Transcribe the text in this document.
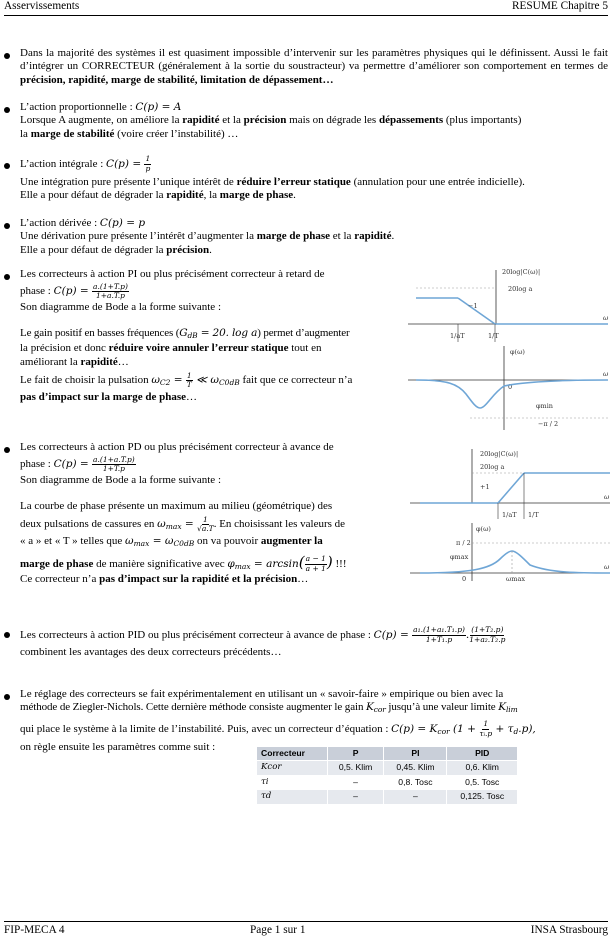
Asservissements	RESUME Chapitre 5
Dans la majorité des systèmes il est quasiment impossible d’intervenir sur les paramètres physiques qui le définissent. Aussi le fait d’intégrer un CORRECTEUR (généralement à la sortie du soustracteur) va permettre d’améliorer son comportement en termes de précision, rapidité, marge de stabilité, limitation de dépassement…
L’action proportionnelle : C(p) = A
Lorsque A augmente, on améliore la rapidité et la précision mais on dégrade les dépassements (plus importants)
la marge de stabilité (voire créer l’instabilité) …
L’action intégrale : $C(p) = \frac{1}{p}$
Une intégration pure présente l’unique intérêt de réduire l’erreur statique (annulation pour une entrée indicielle).
Elle a pour défaut de dégrader la rapidité, la marge de phase.
L’action dérivée : C(p) = p
Une dérivation pure présente l’intérêt d’augmenter la marge de phase et la rapidité.
Elle a pour défaut de dégrader la précision.
Les correcteurs à action PI ou plus précisément correcteur à retard de
phase : $C(p) = \frac{a.(1+T.p)}{1+a.T.p}$
Son diagramme de Bode a la forme suivante :
Le gain positif en basses fréquences (GdB = 20. log a) permet d’augmenter
la précision et donc réduire voire annuler l’erreur statique tout en
améliorant la rapidité…
Le fait de choisir la pulsation $\omega C2 = \frac{1}{T}$ ≪ ωC0dB fait que ce correcteur n’a
pas d’impact sur la marge de phase…
20log|C(ω)|
20log a
ω
−1
1/aT	1/T
φ(ω)
ω
0
φmin
−π / 2
Les correcteurs à action PD ou plus précisément correcteur à avance de
phase : $C(p) = \frac{a.(1+a.T.p)}{1+T.p}$
Son diagramme de Bode a la forme suivante :
La courbe de phase présente un maximum au milieu (géométrique) des
deux pulsations de cassures en $\omega\max = \frac{1}{√a.T}$ . En choisissant les valeurs de
« a » et « T » telles que ωmax = ωC0dB on va pouvoir augmenter la
marge de phase de manière significative avec $\varphi\max = \arcsin( \frac{a - 1}{a + 1}$ ) !!!
Ce correcteur n’a pas d’impact sur la rapidité et la précision…
20log|C(ω)|
20log a
ω
+1
1/aT 1/T
φ(ω)
π / 2
φmax
0	ωmax
ω
Les correcteurs à action PID ou plus précisément correcteur à avance de phase : $C(p) = \frac{\text{a₁.(1+a₁.T₁.p)}}{\text{1+T₁.p}}$ . $\frac{\text{(1+T₂.p)}}{\text{1+a₂.T₂.p}}$
combinent les avantages des deux correcteurs précédents…
Le réglage des correcteurs se fait expérimentalement en utilisant un « savoir-faire » empirique ou bien avec la
méthode de Ziegler-Nichols. Cette dernière méthode consiste augmenter le gain Kcor jusqu’à une valeur limite Klim
qui place le système à la limite de l’instabilité. Puis, avec un correcteur d’équation : C(p) = Kcor $(1 + \frac{1}{\text{τᵢ.p}} + \tau d.p)$,
on règle ensuite les paramètres comme suit :
Correcteur	P	PI	PID
Kcor	0,5. Klim	0,45. Klim	0,6. Klim
τi	–	0,8. Tosc	0,5. Tosc
τd	–	–	0,125. Tosc
FIP-MECA 4	Page 1 sur 1	INSA Strasbourg
